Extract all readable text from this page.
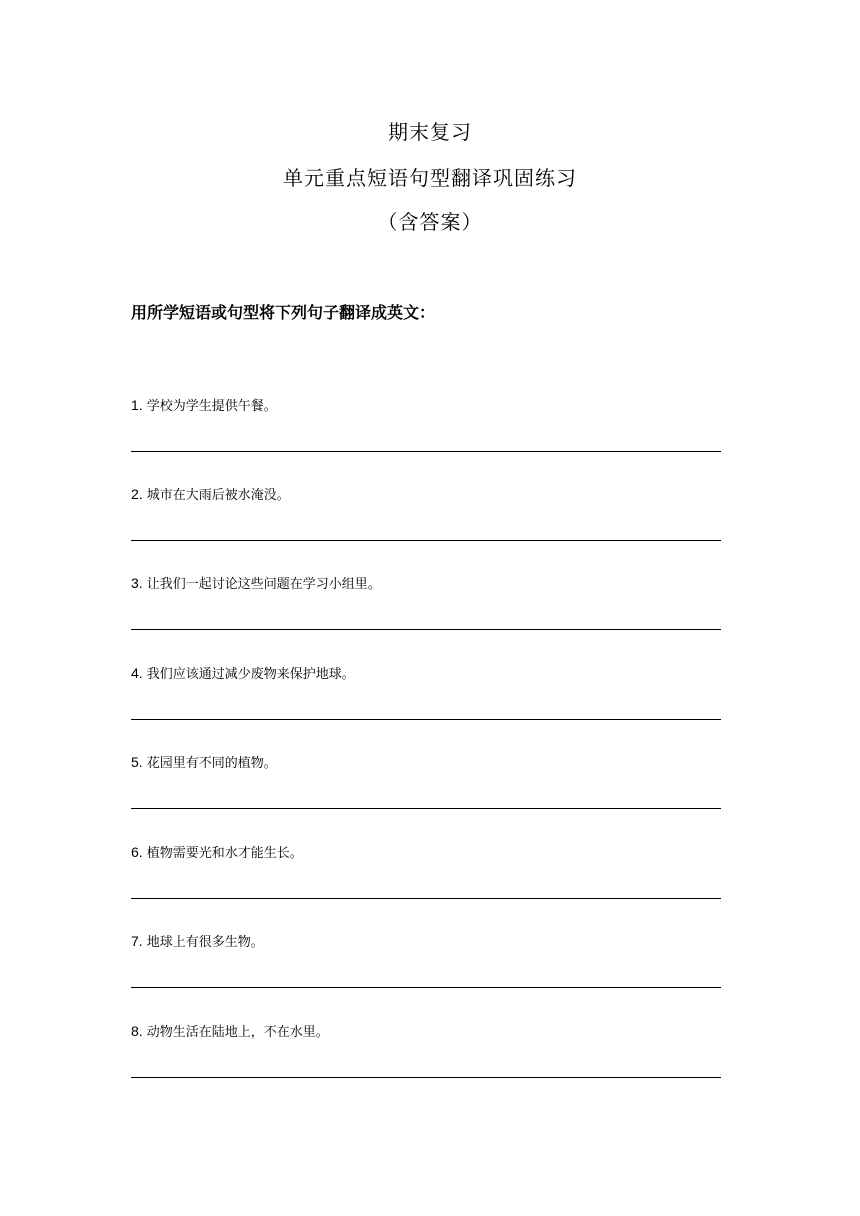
期末复习
单元重点短语句型翻译巩固练习
（含答案）
用所学短语或句型将下列句子翻译成英文：
1. 学校为学生提供午餐。
2. 城市在大雨后被水淹没。
3. 让我们一起讨论这些问题在学习小组里。
4. 我们应该通过减少废物来保护地球。
5. 花园里有不同的植物。
6. 植物需要光和水才能生长。
7. 地球上有很多生物。
8. 动物生活在陆地上，不在水里。
